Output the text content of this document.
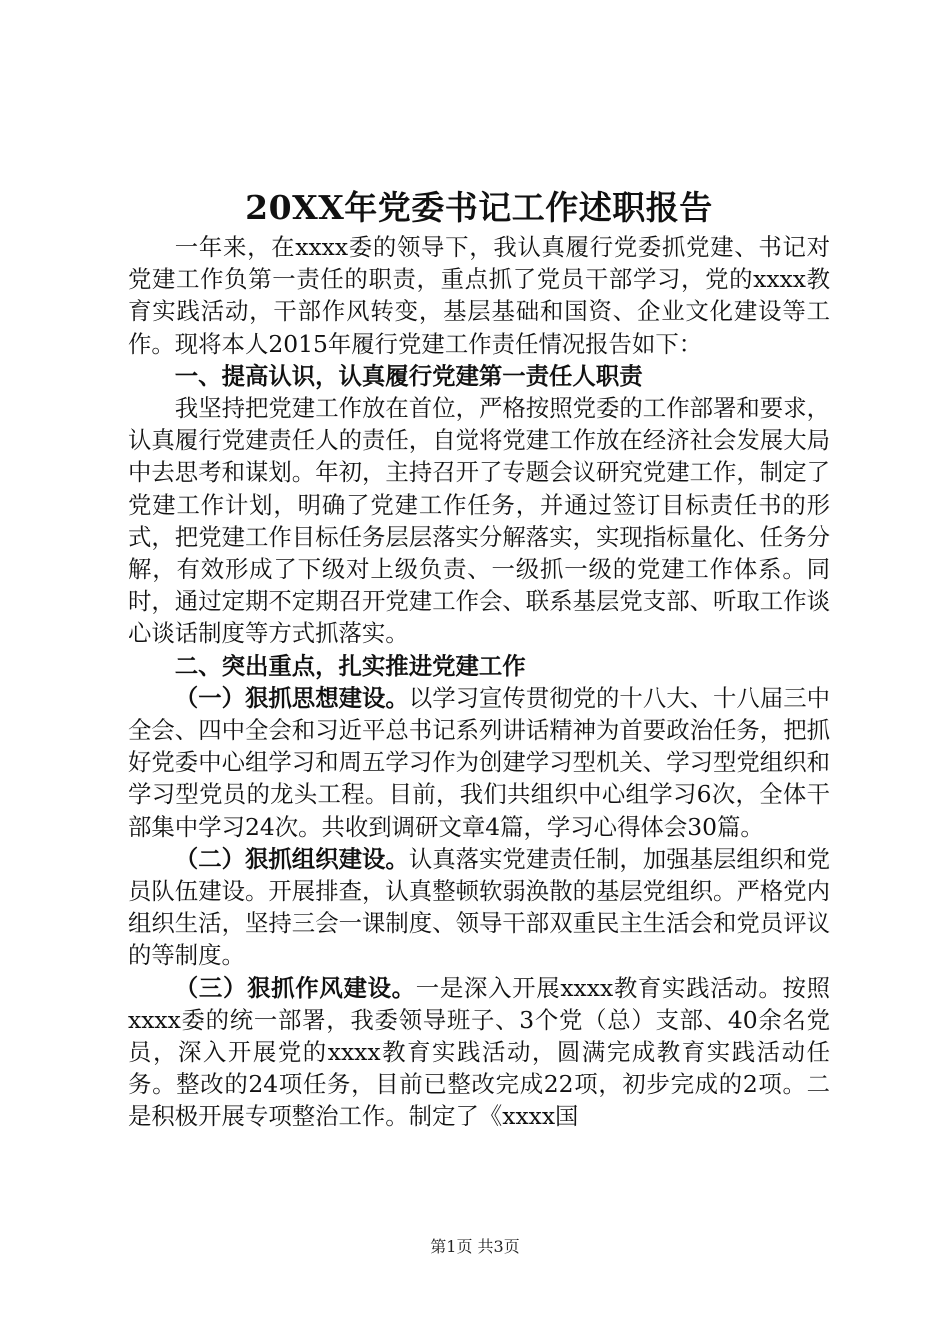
20XX年党委书记工作述职报告

一年来，在xxxx委的领导下，我认真履行党委抓党建、书记对党建工作负第一责任的职责，重点抓了党员干部学习，党的xxxx教育实践活动，干部作风转变，基层基础和国资、企业文化建设等工作。现将本人2015年履行党建工作责任情况报告如下：

一、提高认识，认真履行党建第一责任人职责

我坚持把党建工作放在首位，严格按照党委的工作部署和要求，认真履行党建责任人的责任，自觉将党建工作放在经济社会发展大局中去思考和谋划。年初，主持召开了专题会议研究党建工作，制定了党建工作计划，明确了党建工作任务，并通过签订目标责任书的形式，把党建工作目标任务层层落实分解落实，实现指标量化、任务分解，有效形成了下级对上级负责、一级抓一级的党建工作体系。同时，通过定期不定期召开党建工作会、联系基层党支部、听取工作谈心谈话制度等方式抓落实。

二、突出重点，扎实推进党建工作

（一）狠抓思想建设。以学习宣传贯彻党的十八大、十八届三中全会、四中全会和习近平总书记系列讲话精神为首要政治任务，把抓好党委中心组学习和周五学习作为创建学习型机关、学习型党组织和学习型党员的龙头工程。目前，我们共组织中心组学习6次，全体干部集中学习24次。共收到调研文章4篇，学习心得体会30篇。

（二）狠抓组织建设。认真落实党建责任制，加强基层组织和党员队伍建设。开展排查，认真整顿软弱涣散的基层党组织。严格党内组织生活，坚持三会一课制度、领导干部双重民主生活会和党员评议的等制度。

（三）狠抓作风建设。一是深入开展xxxx教育实践活动。按照xxxx委的统一部署，我委领导班子、3个党（总）支部、40余名党员，深入开展党的xxxx教育实践活动，圆满完成教育实践活动任务。整改的24项任务，目前已整改完成22项，初步完成的2项。二是积极开展专项整治工作。制定了《xxxx国

第1页 共3页
